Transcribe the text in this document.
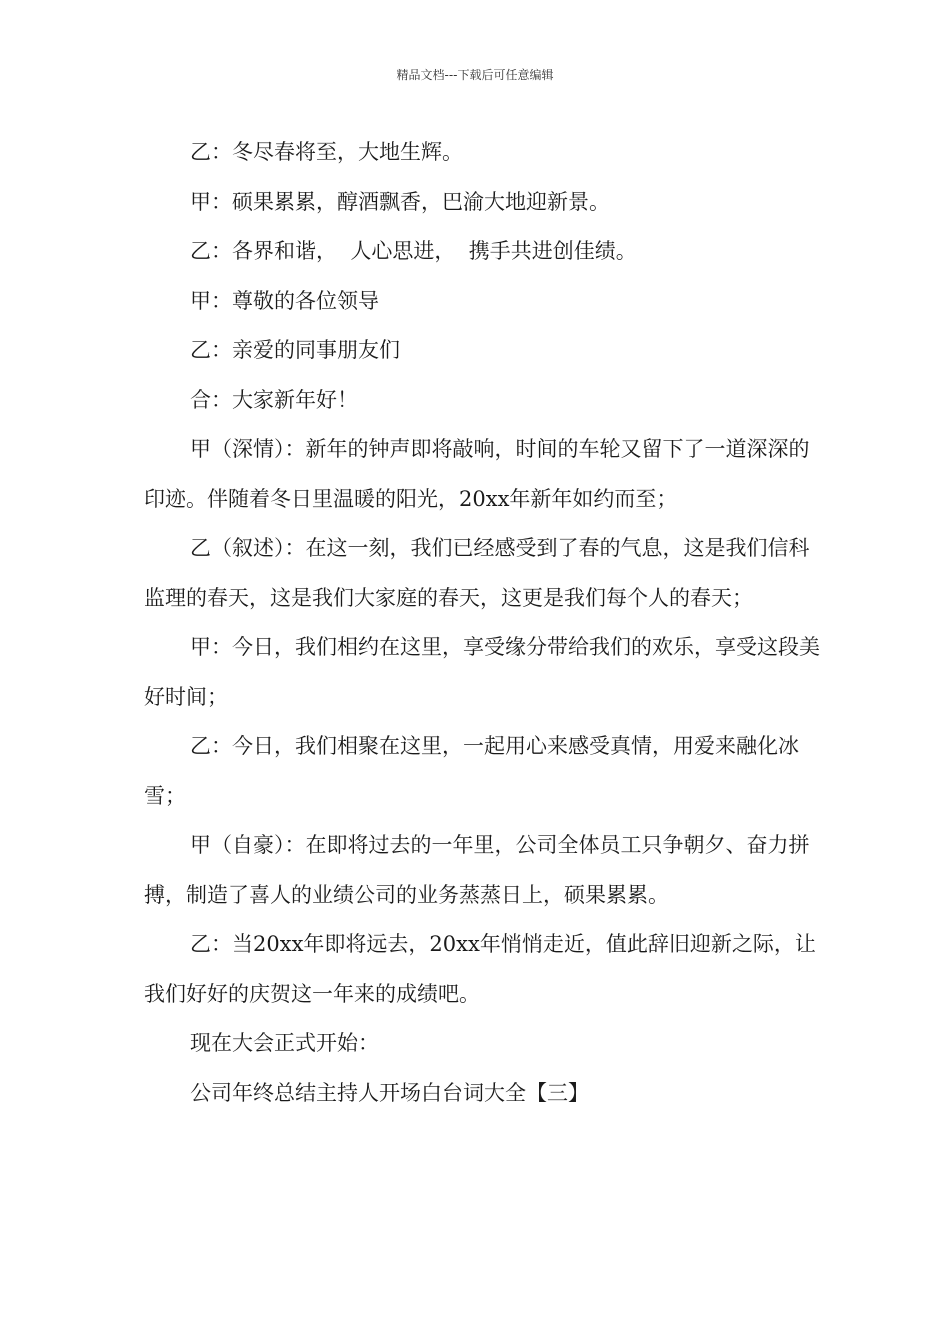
精品文档---下载后可任意编辑

乙：冬尽春将至，大地生辉。

甲：硕果累累，醇酒飘香，巴渝大地迎新景。

乙：各界和谐，  人心思进，  携手共进创佳绩。

甲：尊敬的各位领导

乙：亲爱的同事朋友们

合：大家新年好！

甲（深情）：新年的钟声即将敲响，时间的车轮又留下了一道深深的印迹。伴随着冬日里温暖的阳光，20xx年新年如约而至；

乙（叙述）：在这一刻，我们已经感受到了春的气息，这是我们信科监理的春天，这是我们大家庭的春天，这更是我们每个人的春天；

甲：今日，我们相约在这里，享受缘分带给我们的欢乐，享受这段美好时间；

乙：今日，我们相聚在这里，一起用心来感受真情，用爱来融化冰雪；

甲（自豪）：在即将过去的一年里，公司全体员工只争朝夕、奋力拼搏，制造了喜人的业绩公司的业务蒸蒸日上，硕果累累。

乙：当20xx年即将远去，20xx年悄悄走近，值此辞旧迎新之际，让我们好好的庆贺这一年来的成绩吧。

现在大会正式开始：

公司年终总结主持人开场白台词大全【三】
